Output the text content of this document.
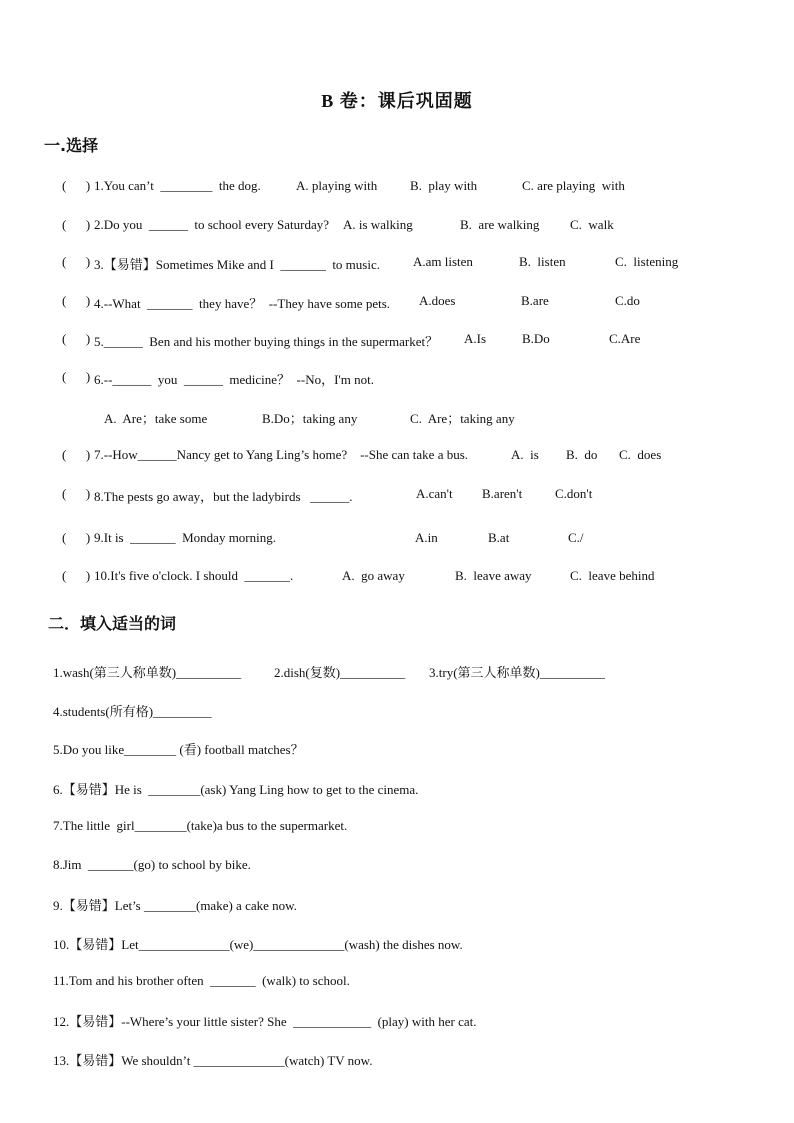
B 卷：课后巩固题
一.选择
(      ) 1.You can’t  ________  the dog.	A. playing with	B.  play with	C. are playing  with
(      ) 2.Do you  ______  to school every Saturday? A. is walking	B.  are walking C.  walk
(      ) 3.【易错】Sometimes Mike and I  _______  to music.	A.am listen	B.  listen	C.  listening
(      ) 4.--What  _______  they have？  --They have some pets. A.does	B.are	C.do
(      ) 5.______  Ben and his mother buying things in the supermarket？ A.Is	B.Do	C.Are
(      ) 6.--______  you  ______  medicine？  --No，I'm not.
A.  Are；take some	B.Do；taking any	C.  Are；taking any
(      ) 7.--How______Nancy get to Yang Ling’s home?    --She can take a bus.	A.  is B.  do C.  does
(      ) 8.The pests go away，but the ladybirds   ______.	A.can't B.aren't	C.don't
(      ) 9.It is  _______  Monday morning.	A.in	B.at	C./
(      ) 10.It's five o'clock. I should  _______.	A.  go away	B.  leave away	C.  leave behind
二．填入适当的词
1.wash(第三人称单数)__________	2.dish(复数)__________ 3.try(第三人称单数)__________
4.students(所有格)_________
5.Do you like________ (看) football matches？
6.【易错】He is  ________(ask) Yang Ling how to get to the cinema.
7.The little  girl________(take)a bus to the supermarket.
8.Jim  _______(go) to school by bike.
9.【易错】Let’s ________(make) a cake now.
10.【易错】Let______________(we)______________(wash) the dishes now.
11.Tom and his brother often  _______  (walk) to school.
12.【易错】--Where’s your little sister? She  ____________  (play) with her cat.
13.【易错】We shouldn’t ______________(watch) TV now.
